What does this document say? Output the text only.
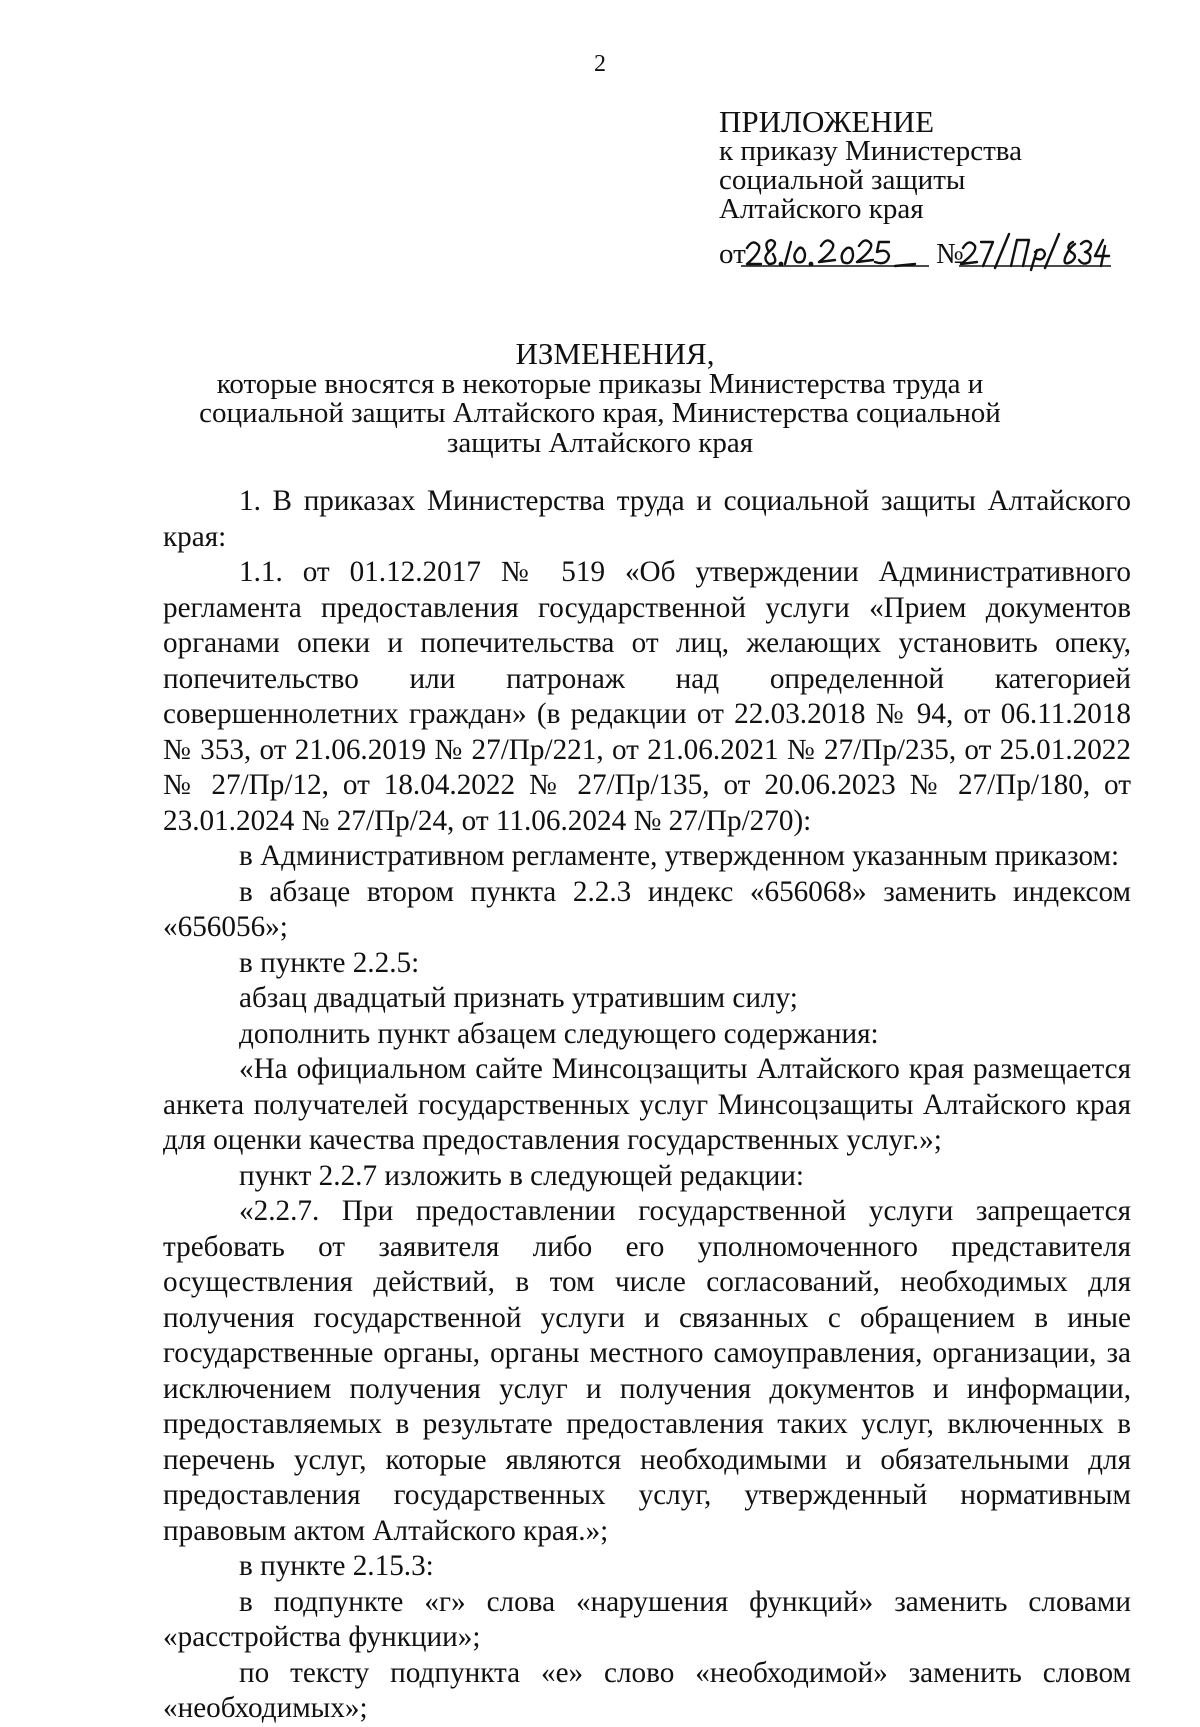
2
ПРИЛОЖЕНИЕ
к приказу Министерства
социальной защиты
Алтайского края
от	№
ИЗМЕНЕНИЯ,
которые вносятся в некоторые приказы Министерства труда и
социальной защиты Алтайского края, Министерства социальной
защиты Алтайского края

1. В приказах Министерства труда и социальной защиты Алтайского края:

1.1. от 01.12.2017 № 519 «Об утверждении Административного регламента предоставления государственной услуги «Прием документов органами опеки и попечительства от лиц, желающих установить опеку, попечительство или патронаж над определенной категорией совершеннолетних граждан» (в редакции от 22.03.2018 № 94, от 06.11.2018 № 353, от 21.06.2019 № 27/Пр/221, от 21.06.2021 № 27/Пр/235, от 25.01.2022 № 27/Пр/12, от 18.04.2022 № 27/Пр/135, от 20.06.2023 № 27/Пр/180, от 23.01.2024 № 27/Пр/24, от 11.06.2024 № 27/Пр/270):

в Административном регламенте, утвержденном указанным приказом:

в абзаце втором пункта 2.2.3 индекс «656068» заменить индексом «656056»;

в пункте 2.2.5:

абзац двадцатый признать утратившим силу;

дополнить пункт абзацем следующего содержания:

«На официальном сайте Минсоцзащиты Алтайского края размещается анкета получателей государственных услуг Минсоцзащиты Алтайского края для оценки качества предоставления государственных услуг.»;

пункт 2.2.7 изложить в следующей редакции:

«2.2.7. При предоставлении государственной услуги запрещается требовать от заявителя либо его уполномоченного представителя осуществления действий, в том числе согласований, необходимых для получения государственной услуги и связанных с обращением в иные государственные органы, органы местного самоуправления, организации, за исключением получения услуг и получения документов и информации, предоставляемых в результате предоставления таких услуг, включенных в перечень услуг, которые являются необходимыми и обязательными для предоставления государственных услуг, утвержденный нормативным правовым актом Алтайского края.»;

в пункте 2.15.3:

в подпункте «г» слова «нарушения функций» заменить словами «расстройства функции»;

по тексту подпункта «е» слово «необходимой» заменить словом «необходимых»;
